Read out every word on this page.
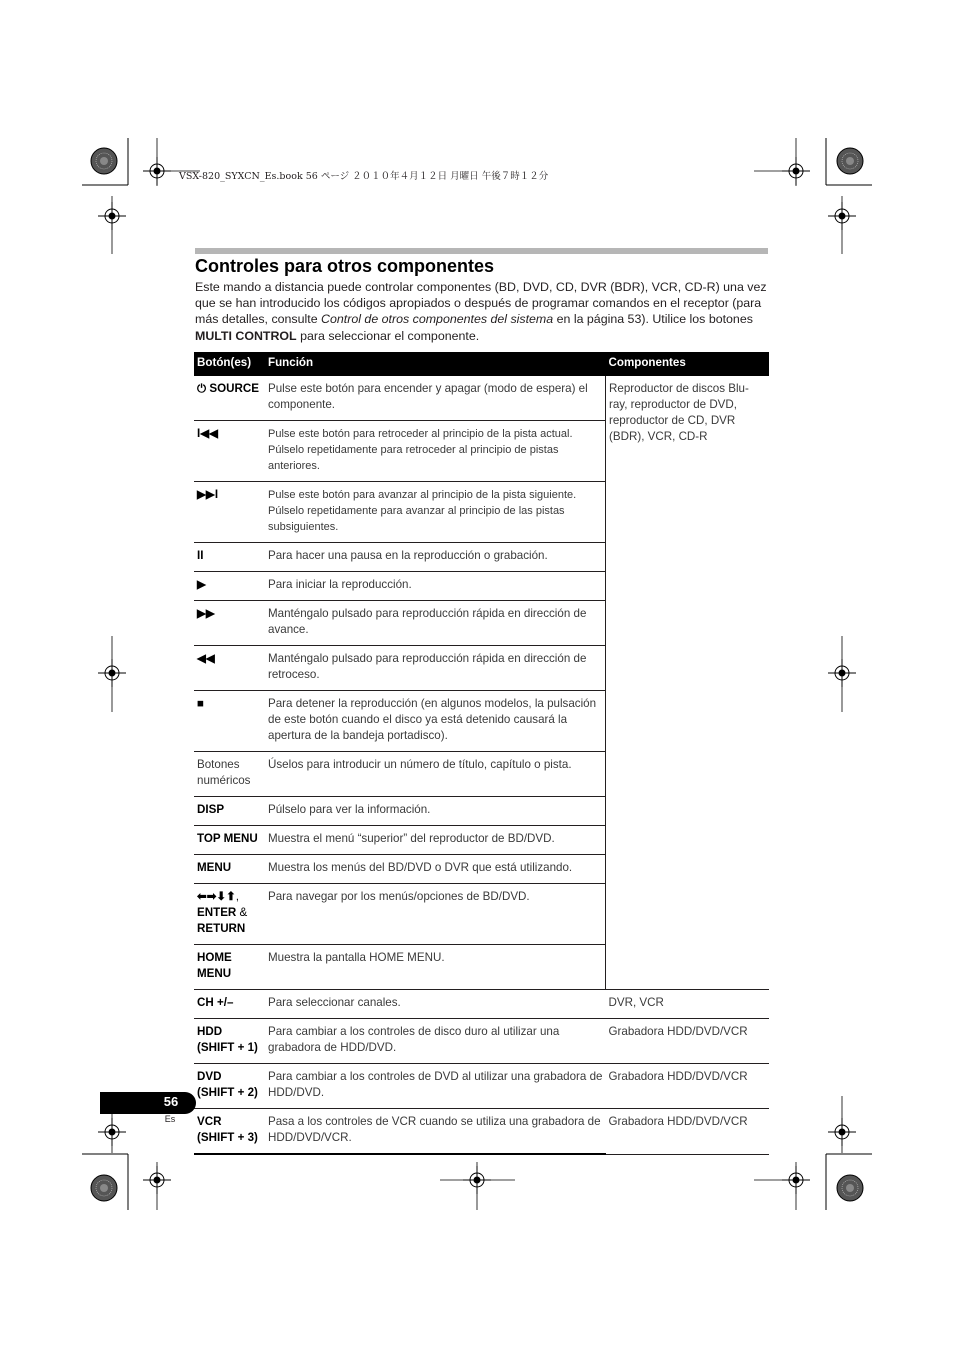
VSX-820_SYXCN_Es.book 56 ページ ２０１０年４月１２日 月曜日 午後７時１２分
Controles para otros componentes

Este mando a distancia puede controlar componentes (BD, DVD, CD, DVR (BDR), VCR, CD-R) una vez que se han introducido los códigos apropiados o después de programar comandos en el receptor (para más detalles, consulte Control de otros componentes del sistema en la página 53). Utilice los botones MULTI CONTROL para seleccionar el componente.

Botón(es)	Función	Componentes
⏻ SOURCE	Pulse este botón para encender y apagar (modo de espera) el componente.	Reproductor de discos Blu-ray, reproductor de DVD, reproductor de CD, DVR (BDR), VCR, CD-R
I◀◀	Pulse este botón para retroceder al principio de la pista actual. Púlselo repetidamente para retroceder al principio de pistas anteriores.	
▶▶I	Pulse este botón para avanzar al principio de la pista siguiente. Púlselo repetidamente para avanzar al principio de las pistas subsiguientes.	
II	Para hacer una pausa en la reproducción o grabación.	
▶	Para iniciar la reproducción.	
▶▶	Manténgalo pulsado para reproducción rápida en dirección de avance.	
◀◀	Manténgalo pulsado para reproducción rápida en dirección de retroceso.	
■	Para detener la reproducción (en algunos modelos, la pulsación de este botón cuando el disco ya está detenido causará la apertura de la bandeja portadisco).	
Botones numéricos	Úselos para introducir un número de título, capítulo o pista.	
DISP	Púlselo para ver la información.	
TOP MENU	Muestra el menú “superior” del reproductor de BD/DVD.	
MENU	Muestra los menús del BD/DVD o DVR que está utilizando.	
⬅➡⬇⬆,
ENTER &
RETURN	Para navegar por los menús/opciones de BD/DVD.	
HOME MENU	Muestra la pantalla HOME MENU.	
CH +/–	Para seleccionar canales.	DVR, VCR
HDD (SHIFT + 1)	Para cambiar a los controles de disco duro al utilizar una grabadora de HDD/DVD.	Grabadora HDD/DVD/VCR
DVD (SHIFT + 2)	Para cambiar a los controles de DVD al utilizar una grabadora de HDD/DVD.	Grabadora HDD/DVD/VCR
VCR (SHIFT + 3)	Pasa a los controles de VCR cuando se utiliza una grabadora de HDD/DVD/VCR.	Grabadora HDD/DVD/VCR
56
Es
